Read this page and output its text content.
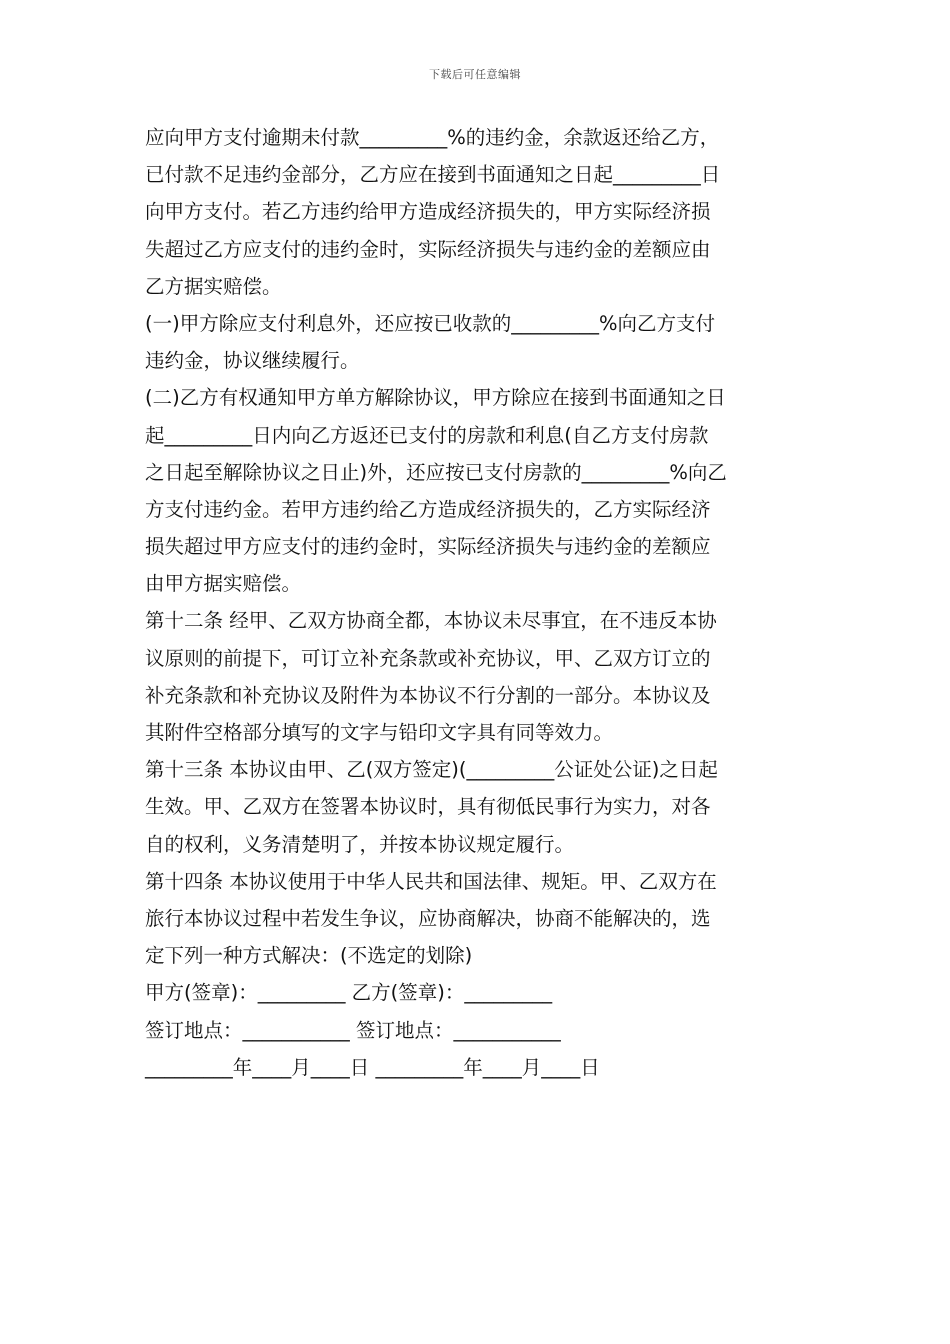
下载后可任意编辑
应向甲方支付逾期未付款_________%的违约金，余款返还给乙方，
已付款不足违约金部分，乙方应在接到书面通知之日起_________日
向甲方支付。若乙方违约给甲方造成经济损失的，甲方实际经济损
失超过乙方应支付的违约金时，实际经济损失与违约金的差额应由
乙方据实赔偿。
(一)甲方除应支付利息外，还应按已收款的_________%向乙方支付
违约金，协议继续履行。
(二)乙方有权通知甲方单方解除协议，甲方除应在接到书面通知之日
起_________日内向乙方返还已支付的房款和利息(自乙方支付房款
之日起至解除协议之日止)外，还应按已支付房款的_________%向乙
方支付违约金。若甲方违约给乙方造成经济损失的，乙方实际经济
损失超过甲方应支付的违约金时，实际经济损失与违约金的差额应
由甲方据实赔偿。
第十二条 经甲、乙双方协商全都，本协议未尽事宜，在不违反本协
议原则的前提下，可订立补充条款或补充协议，甲、乙双方订立的
补充条款和补充协议及附件为本协议不行分割的一部分。本协议及
其附件空格部分填写的文字与铅印文字具有同等效力。
第十三条 本协议由甲、乙(双方签定)(_________公证处公证)之日起
生效。甲、乙双方在签署本协议时，具有彻低民事行为实力，对各
自的权利，义务清楚明了，并按本协议规定履行。
第十四条 本协议使用于中华人民共和国法律、规矩。甲、乙双方在
旅行本协议过程中若发生争议，应协商解决，协商不能解决的，选
定下列一种方式解决：(不选定的划除)
甲方(签章)：_________ 乙方(签章)：_________
签订地点：___________ 签订地点：___________
_________年____月____日 _________年____月____日
